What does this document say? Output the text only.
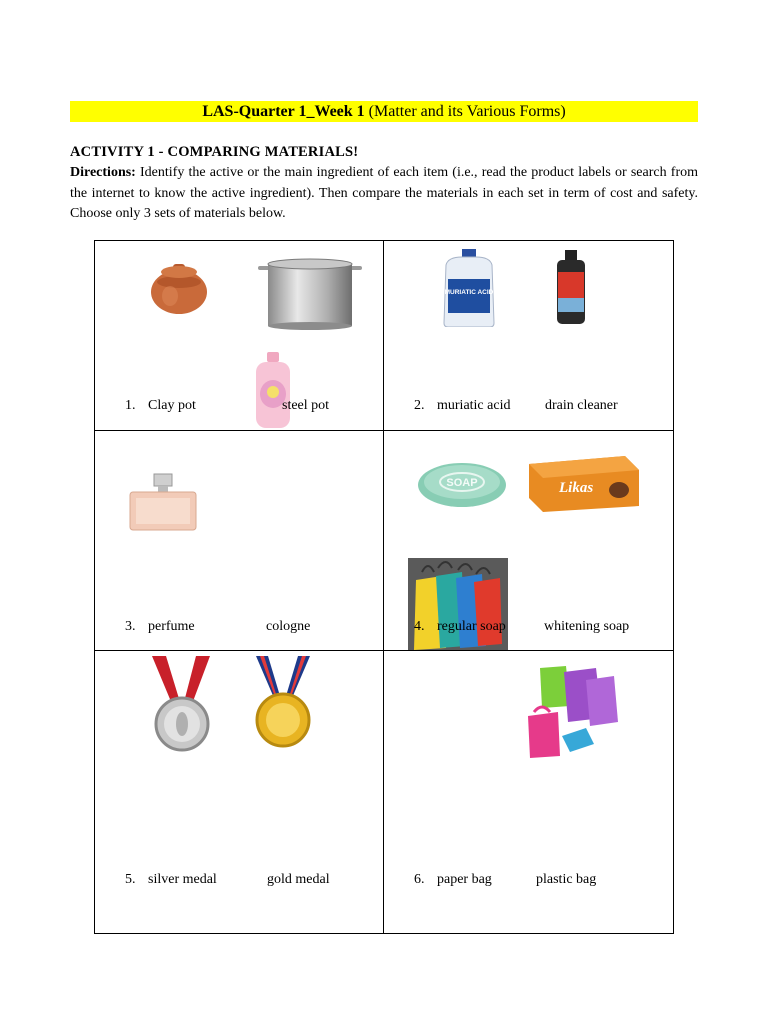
LAS-Quarter 1_Week 1 (Matter and its Various Forms)
ACTIVITY 1 - COMPARING MATERIALS!
Directions: Identify the active or the main ingredient of each item (i.e., read the product labels or search from the internet to know the active ingredient). Then compare the materials in each set in term of cost and safety. Choose only 3 sets of materials below.
MURIATIC ACID
SOAP	Likas
1. Clay pot	steel pot	2. muriatic acid drain cleaner
3. perfume	cologne	4. regular soap	whitening soap
5. silver medal	gold medal	6. paper bag	plastic bag
